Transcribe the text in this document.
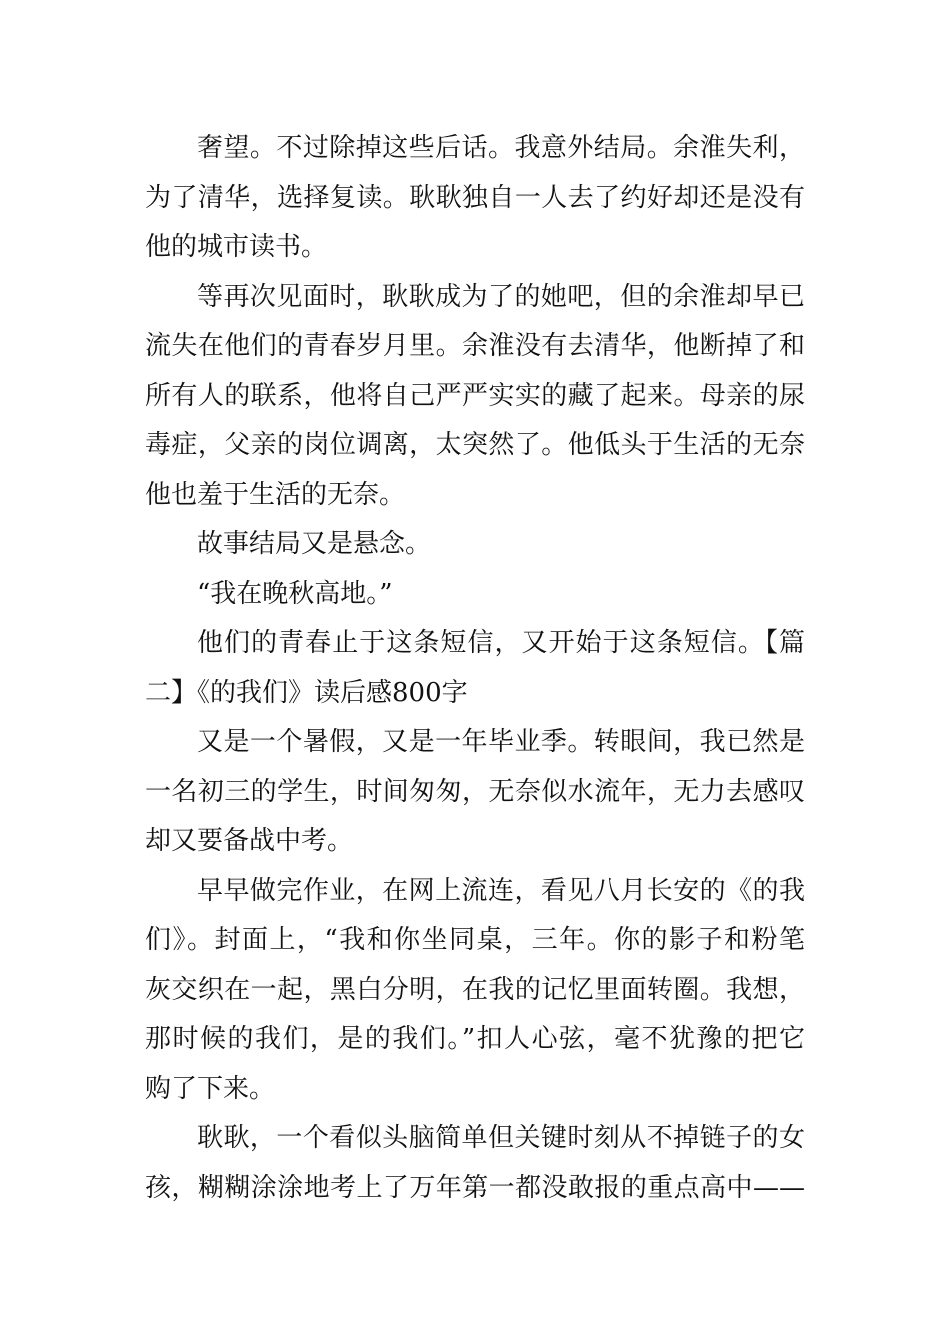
奢望。不过除掉这些后话。我意外结局。余淮失利，
为了清华，选择复读。耿耿独自一人去了约好却还是没有
他的城市读书。
等再次见面时，耿耿成为了的她吧，但的余淮却早已
流失在他们的青春岁月里。余淮没有去清华，他断掉了和
所有人的联系，他将自己严严实实的藏了起来。母亲的尿
毒症，父亲的岗位调离，太突然了。他低头于生活的无奈
他也羞于生活的无奈。
故事结局又是悬念。
“我在晚秋高地。”
他们的青春止于这条短信，又开始于这条短信。【篇
二】《的我们》读后感800字
又是一个暑假，又是一年毕业季。转眼间，我已然是
一名初三的学生，时间匆匆，无奈似水流年，无力去感叹
却又要备战中考。
早早做完作业，在网上流连，看见八月长安的《的我
们》。封面上，“我和你坐同桌，三年。你的影子和粉笔
灰交织在一起，黑白分明，在我的记忆里面转圈。我想，
那时候的我们，是的我们。”扣人心弦，毫不犹豫的把它
购了下来。
耿耿，一个看似头脑简单但关键时刻从不掉链子的女
孩，糊糊涂涂地考上了万年第一都没敢报的重点高中——
